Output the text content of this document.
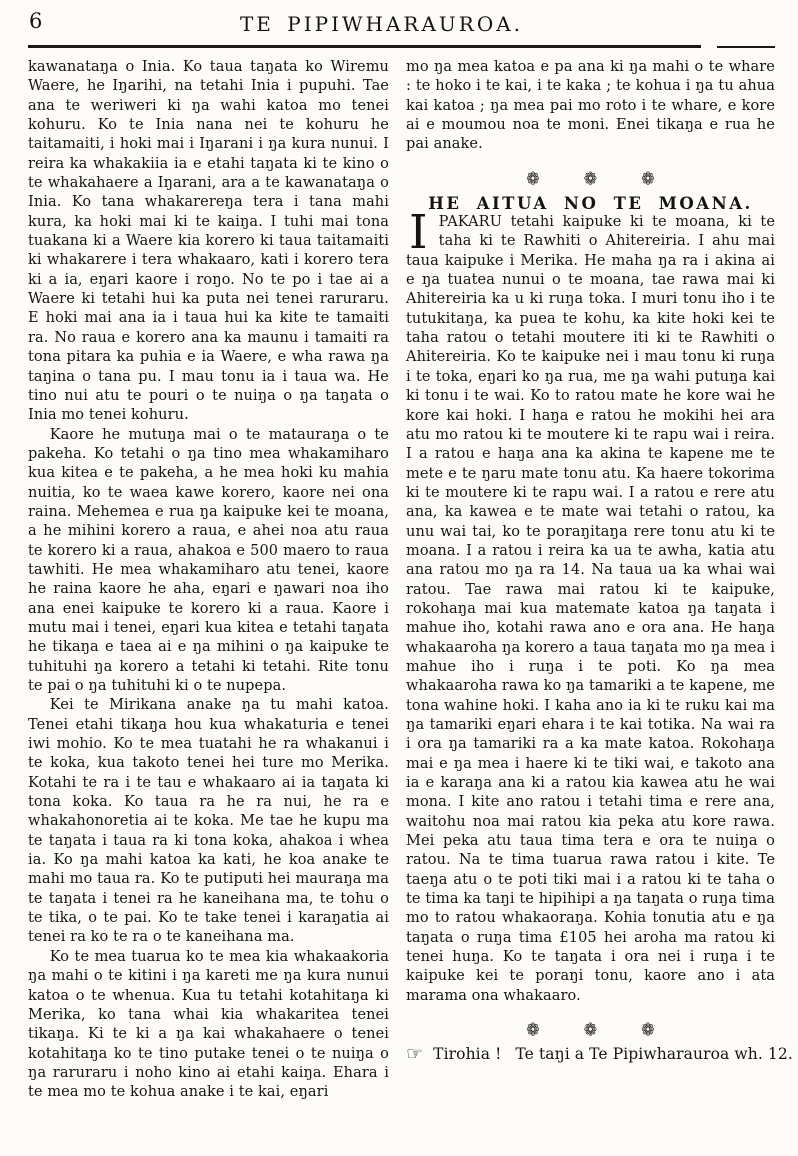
6	TE PIPIWHARAUROA.

kawanataŋa o Inia. Ko taua taŋata ko Wiremu Waere, he Iŋarihi, na tetahi Inia i pupuhi. Tae ana te weriweri ki ŋa wahi katoa mo tenei kohuru. Ko te Inia nana nei te kohuru he taitamaiti, i hoki mai i Iŋarani i ŋa kura nunui. I reira ka whakakiia ia e etahi taŋata ki te kino o te whakahaere a Iŋarani, ara a te kawanataŋa o Inia. Ko tana whakarereŋa tera i tana mahi kura, ka hoki mai ki te kaiŋa. I tuhi mai tona tuakana ki a Waere kia korero ki taua taitamaiti ki whakarere i tera whakaaro, kati i korero tera ki a ia, eŋari kaore i roŋo. No te po i tae ai a Waere ki tetahi hui ka puta nei tenei raruraru. E hoki mai ana ia i taua hui ka kite te tamaiti ra. No raua e korero ana ka maunu i tamaiti ra tona pitara ka puhia e ia Waere, e wha rawa ŋa taŋina o tana pu. I mau tonu ia i taua wa. He tino nui atu te pouri o te nuiŋa o ŋa taŋata o Inia mo tenei kohuru.

Kaore he mutuŋa mai o te matauraŋa o te pakeha. Ko tetahi o ŋa tino mea whakamiharo kua kitea e te pakeha, a he mea hoki ku mahia nuitia, ko te waea kawe korero, kaore nei ona raina. Mehemea e rua ŋa kaipuke kei te moana, a he mihini korero a raua, e ahei noa atu raua te korero ki a raua, ahakoa e 500 maero to raua tawhiti. He mea whakamiharo atu tenei, kaore he raina kaore he aha, eŋari e ŋawari noa iho ana enei kaipuke te korero ki a raua. Kaore i mutu mai i tenei, eŋari kua kitea e tetahi taŋata he tikaŋa e taea ai e ŋa mihini o ŋa kaipuke te tuhituhi ŋa korero a tetahi ki tetahi. Rite tonu te pai o ŋa tuhituhi ki o te nupepa.

Kei te Mirikana anake ŋa tu mahi katoa. Tenei etahi tikaŋa hou kua whakaturia e tenei iwi mohio. Ko te mea tuatahi he ra whakanui i te koka, kua takoto tenei hei ture mo Merika. Kotahi te ra i te tau e whakaaro ai ia taŋata ki tona koka. Ko taua ra he ra nui, he ra e whakahonoretia ai te koka. Me tae he kupu ma te taŋata i taua ra ki tona koka, ahakoa i whea ia. Ko ŋa mahi katoa ka kati, he koa anake te mahi mo taua ra. Ko te putiputi hei mauraŋa ma te taŋata i tenei ra he kaneihana ma, te tohu o te tika, o te pai. Ko te take tenei i karaŋatia ai tenei ra ko te ra o te kaneihana ma.

Ko te mea tuarua ko te mea kia whakaakoria ŋa mahi o te kitini i ŋa kareti me ŋa kura nunui katoa o te whenua. Kua tu tetahi kotahitaŋa ki Merika, ko tana whai kia whakaritea tenei tikaŋa. Ki te ki a ŋa kai whakahaere o tenei kotahitaŋa ko te tino putake tenei o te nuiŋa o ŋa raruraru i noho kino ai etahi kaiŋa. Ehara i te mea mo te kohua anake i te kai, eŋari

mo ŋa mea katoa e pa ana ki ŋa mahi o te whare : te hoko i te kai, i te kaka ; te kohua i ŋa tu ahua kai katoa ; ŋa mea pai mo roto i te whare, e kore ai e moumou noa te moni. Enei tikaŋa e rua he pai anake.

❁	❁	❁

HE AITUA NO TE MOANA.

IPAKARU tetahi kaipuke ki te moana, ki te taha ki te Rawhiti o Ahitereiria. I ahu mai taua kaipuke i Merika. He maha ŋa ra i akina ai e ŋa tuatea nunui o te moana, tae rawa mai ki Ahitereiria ka u ki ruŋa toka. I muri tonu iho i te tutukitaŋa, ka puea te kohu, ka kite hoki kei te taha ratou o tetahi moutere iti ki te Rawhiti o Ahitereiria. Ko te kaipuke nei i mau tonu ki ruŋa i te toka, eŋari ko ŋa rua, me ŋa wahi putuŋa kai ki tonu i te wai. Ko to ratou mate he kore wai he kore kai hoki. I haŋa e ratou he mokihi hei ara atu mo ratou ki te moutere ki te rapu wai i reira. I a ratou e haŋa ana ka akina te kapene me te mete e te ŋaru mate tonu atu. Ka haere tokorima ki te moutere ki te rapu wai. I a ratou e rere atu ana, ka kawea e te mate wai tetahi o ratou, ka unu wai tai, ko te poraŋitaŋa rere tonu atu ki te moana. I a ratou i reira ka ua te awha, katia atu ana ratou mo ŋa ra 14. Na taua ua ka whai wai ratou. Tae rawa mai ratou ki te kaipuke, rokohaŋa mai kua matemate katoa ŋa taŋata i mahue iho, kotahi rawa ano e ora ana. He haŋa whakaaroha ŋa korero a taua taŋata mo ŋa mea i mahue iho i ruŋa i te poti. Ko ŋa mea whakaaroha rawa ko ŋa tamariki a te kapene, me tona wahine hoki. I kaha ano ia ki te ruku kai ma ŋa tamariki eŋari ehara i te kai totika. Na wai ra i ora ŋa tamariki ra a ka mate katoa. Rokohaŋa mai e ŋa mea i haere ki te tiki wai, e takoto ana ia e karaŋa ana ki a ratou kia kawea atu he wai mona. I kite ano ratou i tetahi tima e rere ana, waitohu noa mai ratou kia peka atu kore rawa. Mei peka atu taua tima tera e ora te nuiŋa o ratou. Na te tima tuarua rawa ratou i kite. Te taeŋa atu o te poti tiki mai i a ratou ki te taha o te tima ka taŋi te hipihipi a ŋa taŋata o ruŋa tima mo to ratou whakaoraŋa. Kohia tonutia atu e ŋa taŋata o ruŋa tima £105 hei aroha ma ratou ki tenei huŋa. Ko te taŋata i ora nei i ruŋa i te kaipuke kei te poraŋi tonu, kaore ano i ata marama ona whakaaro.

❁	❁	❁

☞ Tirohia ! Te taŋi a Te Pipiwharauroa wh. 12.
